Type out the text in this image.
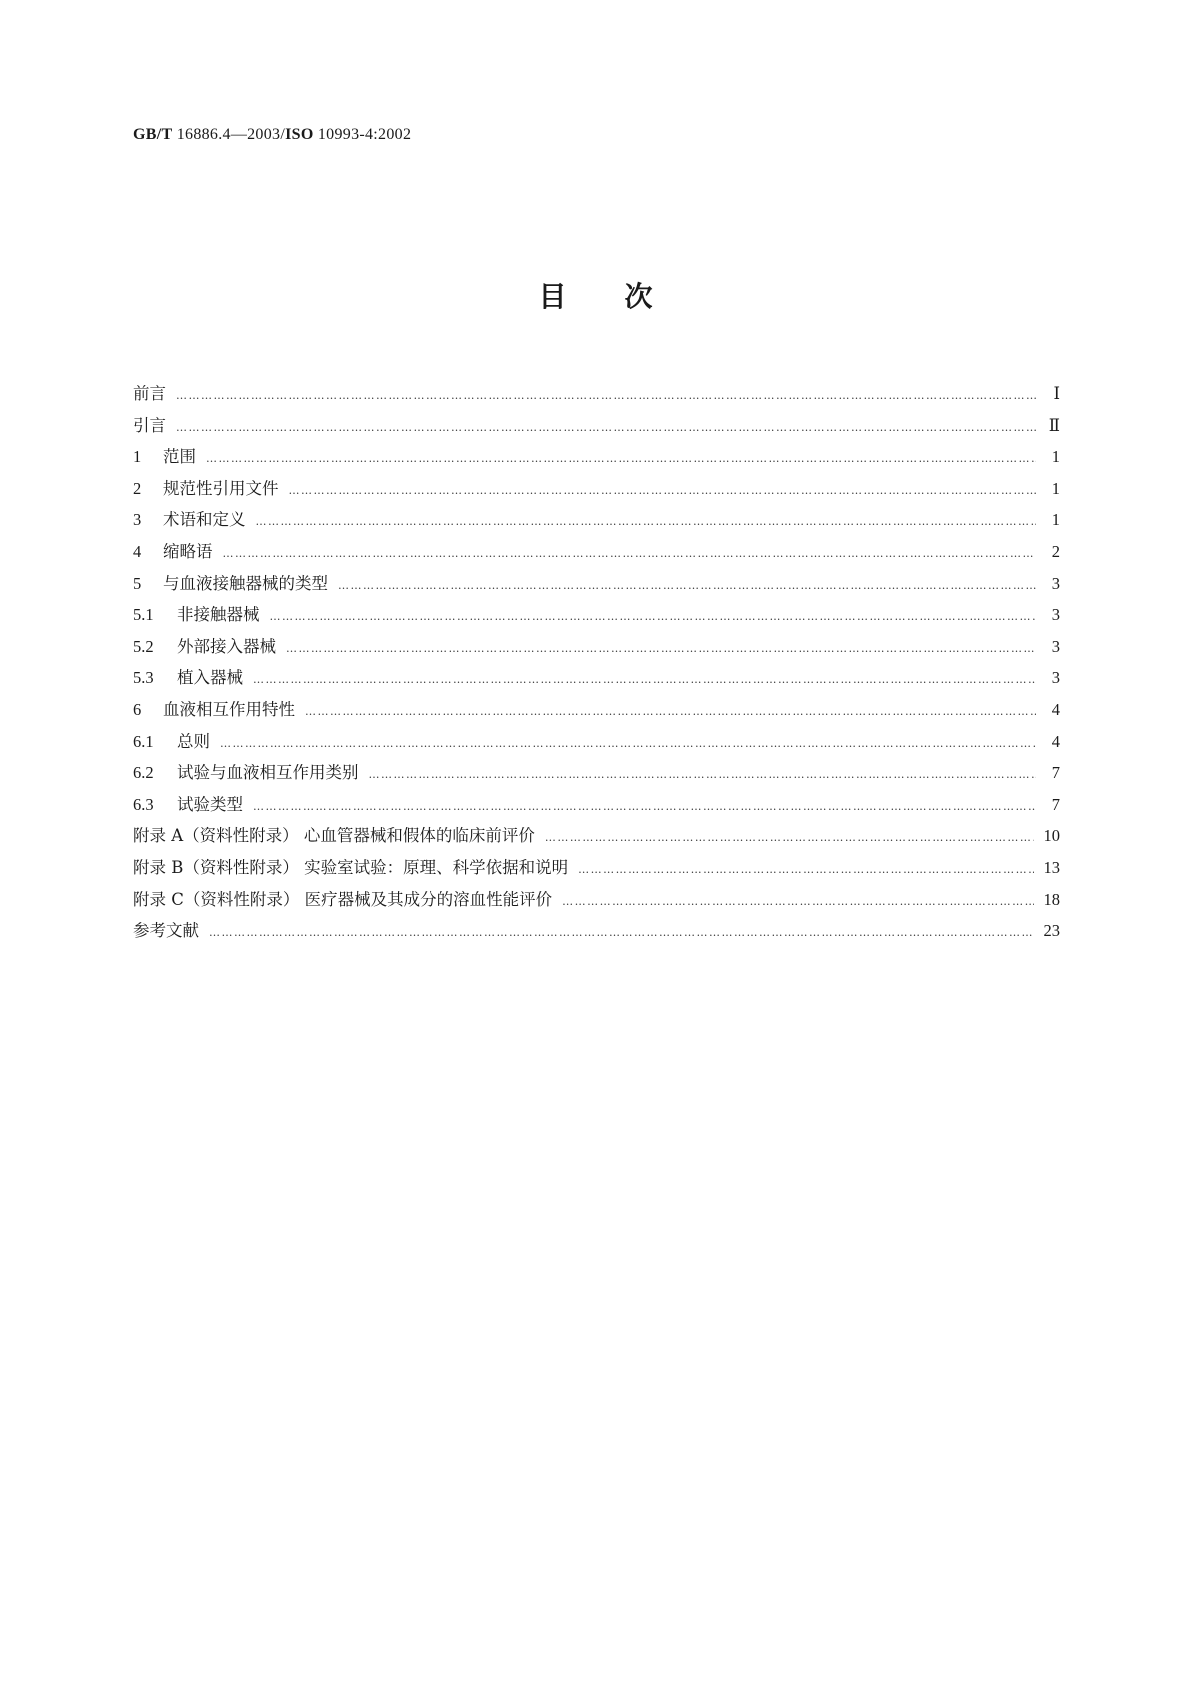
GB/T 16886.4—2003/ISO 10993-4:2002
目次
前言 …………………………………………………………………………………………………………………………………………………………………………………………………………………………………………………	Ⅰ
引言 …………………………………………………………………………………………………………………………………………………………………………………………………………………………………………………	Ⅱ
1	范围 …………………………………………………………………………………………………………………………………………………………………………………………………………………………………………………	1
2	规范性引用文件 …………………………………………………………………………………………………………………………………………………………………………………………………………………………………………………	1
3	术语和定义 …………………………………………………………………………………………………………………………………………………………………………………………………………………………………………………	1
4	缩略语 …………………………………………………………………………………………………………………………………………………………………………………………………………………………………………………	2
5	与血液接触器械的类型 …………………………………………………………………………………………………………………………………………………………………………………………………………………………………………………	3
5.1	非接触器械 …………………………………………………………………………………………………………………………………………………………………………………………………………………………………………………	3
5.2	外部接入器械 …………………………………………………………………………………………………………………………………………………………………………………………………………………………………………………	3
5.3	植入器械 …………………………………………………………………………………………………………………………………………………………………………………………………………………………………………………	3
6	血液相互作用特性 …………………………………………………………………………………………………………………………………………………………………………………………………………………………………………………	4
6.1	总则 …………………………………………………………………………………………………………………………………………………………………………………………………………………………………………………	4
6.2	试验与血液相互作用类别 …………………………………………………………………………………………………………………………………………………………………………………………………………………………………………………	7
6.3	试验类型 …………………………………………………………………………………………………………………………………………………………………………………………………………………………………………………	7
附录 A（资料性附录） 心血管器械和假体的临床前评价 …………………………………………………………………………………………………………………………………………………………………………………………………………………………………………………	10
附录 B（资料性附录） 实验室试验：原理、科学依据和说明 …………………………………………………………………………………………………………………………………………………………………………………………………………………………………………………	13
附录 C（资料性附录） 医疗器械及其成分的溶血性能评价 …………………………………………………………………………………………………………………………………………………………………………………………………………………………………………………	18
参考文献 …………………………………………………………………………………………………………………………………………………………………………………………………………………………………………………	23
